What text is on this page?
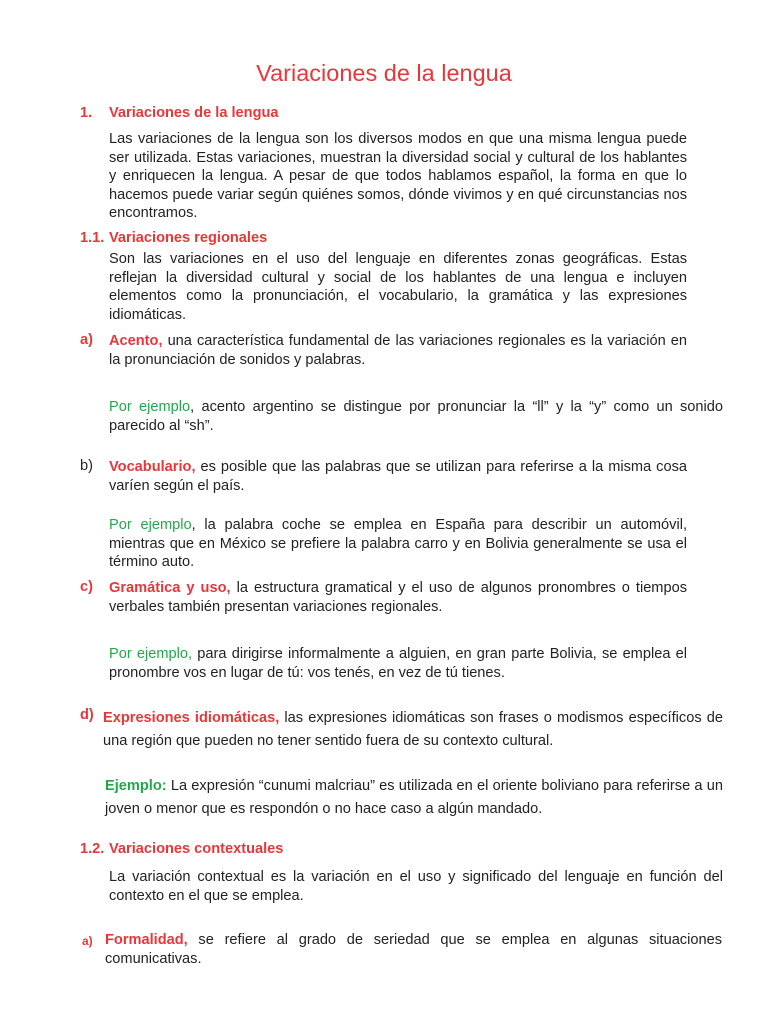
Variaciones de la lengua
1. Variaciones de la lengua
Las variaciones de la lengua son los diversos modos en que una misma lengua puede ser utilizada. Estas variaciones, muestran la diversidad social y cultural de los hablantes y enriquecen la lengua. A pesar de que todos hablamos español, la forma en que lo hacemos puede variar según quiénes somos, dónde vivimos y en qué circunstancias nos encontramos.
1.1. Variaciones regionales
Son las variaciones en el uso del lenguaje en diferentes zonas geográficas. Estas reflejan la diversidad cultural y social de los hablantes de una lengua e incluyen elementos como la pronunciación, el vocabulario, la gramática y las expresiones idiomáticas.
a) Acento, una característica fundamental de las variaciones regionales es la variación en la pronunciación de sonidos y palabras.
Por ejemplo, acento argentino se distingue por pronunciar la “ll” y la “y” como un sonido parecido al “sh”.
b) Vocabulario, es posible que las palabras que se utilizan para referirse a la misma cosa varíen según el país.
Por ejemplo, la palabra coche se emplea en España para describir un automóvil, mientras que en México se prefiere la palabra carro y en Bolivia generalmente se usa el término auto.
c) Gramática y uso, la estructura gramatical y el uso de algunos pronombres o tiempos verbales también presentan variaciones regionales.
Por ejemplo, para dirigirse informalmente a alguien, en gran parte Bolivia, se emplea el pronombre vos en lugar de tú: vos tenés, en vez de tú tienes.
d) Expresiones idiomáticas, las expresiones idiomáticas son frases o modismos específicos de una región que pueden no tener sentido fuera de su contexto cultural.
Ejemplo: La expresión “cunumi malcriau” es utilizada en el oriente boliviano para referirse a un joven o menor que es respondón o no hace caso a algún mandado.
1.2. Variaciones contextuales
La variación contextual es la variación en el uso y significado del lenguaje en función del contexto en el que se emplea.
a) Formalidad, se refiere al grado de seriedad que se emplea en algunas situaciones comunicativas.
